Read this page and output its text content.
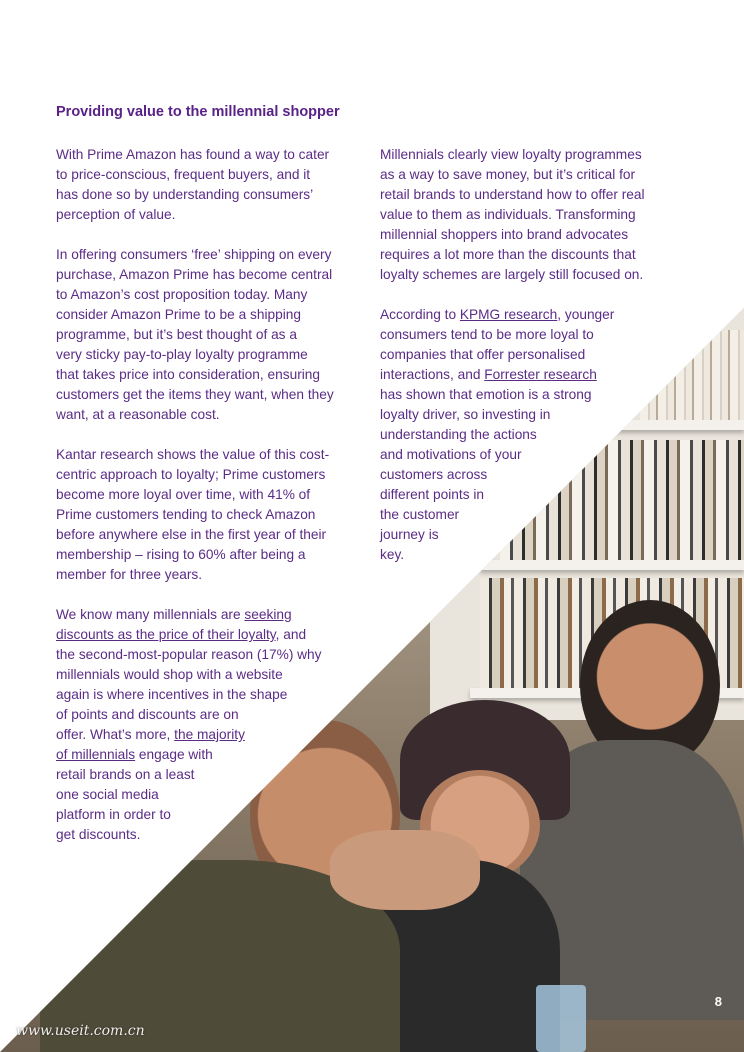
Providing value to the millennial shopper

With Prime Amazon has found a way to cater
to price-conscious, frequent buyers, and it
has done so by understanding consumers’
perception of value.

In offering consumers ‘free’ shipping on every
purchase, Amazon Prime has become central
to Amazon’s cost proposition today. Many
consider Amazon Prime to be a shipping
programme, but it’s best thought of as a
very sticky pay-to-play loyalty programme
that takes price into consideration, ensuring
customers get the items they want, when they
want, at a reasonable cost.

Kantar research shows the value of this cost-
centric approach to loyalty; Prime customers
become more loyal over time, with 41% of
Prime customers tending to check Amazon
before anywhere else in the first year of their
membership – rising to 60% after being a
member for three years.

We know many millennials are seeking
discounts as the price of their loyalty, and
the second-most-popular reason (17%) why
millennials would shop with a website
again is where incentives in the shape
of points and discounts are on
offer. What’s more, the majority
of millennials engage with
retail brands on a least
one social media
platform in order to
get discounts.

Millennials clearly view loyalty programmes
as a way to save money, but it’s critical for
retail brands to understand how to offer real
value to them as individuals. Transforming
millennial shoppers into brand advocates
requires a lot more than the discounts that
loyalty schemes are largely still focused on.

According to KPMG research, younger
consumers tend to be more loyal to
companies that offer personalised
interactions, and Forrester research
has shown that emotion is a strong
loyalty driver, so investing in
understanding the actions
and motivations of your
customers across
different points in
the customer
journey is
key.

8
www.useit.com.cn
